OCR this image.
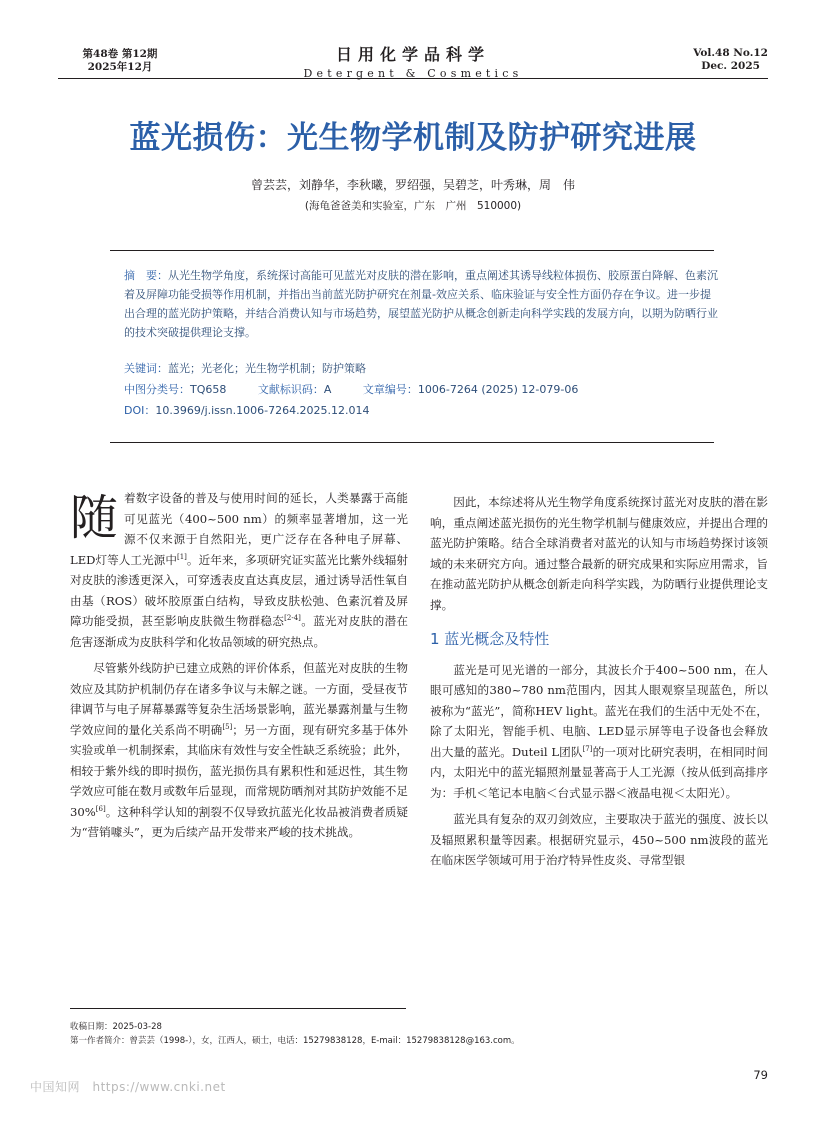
第48卷 第12期
2025年12月
日用化学品科学
Detergent & Cosmetics
Vol.48 No.12
Dec. 2025
蓝光损伤：光生物学机制及防护研究进展
曾芸芸，刘静华，李秋曦，罗绍强，吴碧芝，叶秀琳，周　伟
(海龟爸爸美和实验室，广东　广州　510000)
摘　要：从光生物学角度，系统探讨高能可见蓝光对皮肤的潜在影响，重点阐述其诱导线粒体损伤、胶原蛋白降解、色素沉着及屏障功能受损等作用机制，并指出当前蓝光防护研究在剂量-效应关系、临床验证与安全性方面仍存在争议。进一步提出合理的蓝光防护策略，并结合消费认知与市场趋势，展望蓝光防护从概念创新走向科学实践的发展方向，以期为防晒行业的技术突破提供理论支撑。
关键词：蓝光；光老化；光生物学机制；防护策略
中图分类号：TQ658	文献标识码：A	文章编号：1006-7264 (2025) 12-079-06
DOI：10.3969/j.issn.1006-7264.2025.12.014

随着数字设备的普及与使用时间的延长，人类暴露于高能可见蓝光（400~500 nm）的频率显著增加，这一光源不仅来源于自然阳光，更广泛存在各种电子屏幕、LED灯等人工光源中[1]。近年来，多项研究证实蓝光比紫外线辐射对皮肤的渗透更深入，可穿透表皮直达真皮层，通过诱导活性氧自由基（ROS）破坏胶原蛋白结构，导致皮肤松弛、色素沉着及屏障功能受损，甚至影响皮肤微生物群稳态[2-4]。蓝光对皮肤的潜在危害逐渐成为皮肤科学和化妆品领域的研究热点。

尽管紫外线防护已建立成熟的评价体系，但蓝光对皮肤的生物效应及其防护机制仍存在诸多争议与未解之谜。一方面，受昼夜节律调节与电子屏幕暴露等复杂生活场景影响，蓝光暴露剂量与生物学效应间的量化关系尚不明确[5]；另一方面，现有研究多基于体外实验或单一机制探索，其临床有效性与安全性缺乏系统验；此外，相较于紫外线的即时损伤，蓝光损伤具有累积性和延迟性，其生物学效应可能在数月或数年后显现，而常规防晒剂对其防护效能不足30%[6]。这种科学认知的割裂不仅导致抗蓝光化妆品被消费者质疑为“营销噱头”，更为后续产品开发带来严峻的技术挑战。

因此，本综述将从光生物学角度系统探讨蓝光对皮肤的潜在影响，重点阐述蓝光损伤的光生物学机制与健康效应，并提出合理的蓝光防护策略。结合全球消费者对蓝光的认知与市场趋势探讨该领域的未来研究方向。通过整合最新的研究成果和实际应用需求，旨在推动蓝光防护从概念创新走向科学实践，为防晒行业提供理论支撑。

1 蓝光概念及特性

蓝光是可见光谱的一部分，其波长介于400~500 nm，在人眼可感知的380~780 nm范围内，因其人眼观察呈现蓝色，所以被称为“蓝光”，简称HEV light。蓝光在我们的生活中无处不在，除了太阳光，智能手机、电脑、LED显示屏等电子设备也会释放出大量的蓝光。Duteil L团队[7]的一项对比研究表明，在相同时间内，太阳光中的蓝光辐照剂量显著高于人工光源（按从低到高排序为：手机＜笔记本电脑＜台式显示器＜液晶电视＜太阳光）。

蓝光具有复杂的双刃剑效应，主要取决于蓝光的强度、波长以及辐照累积量等因素。根据研究显示，450~500 nm波段的蓝光在临床医学领域可用于治疗特异性皮炎、寻常型银

收稿日期：2025-03-28
第一作者简介：曾芸芸（1998-），女，江西人，硕士，电话：15279838128，E-mail：15279838128@163.com。
79
中国知网　https://www.cnki.net
